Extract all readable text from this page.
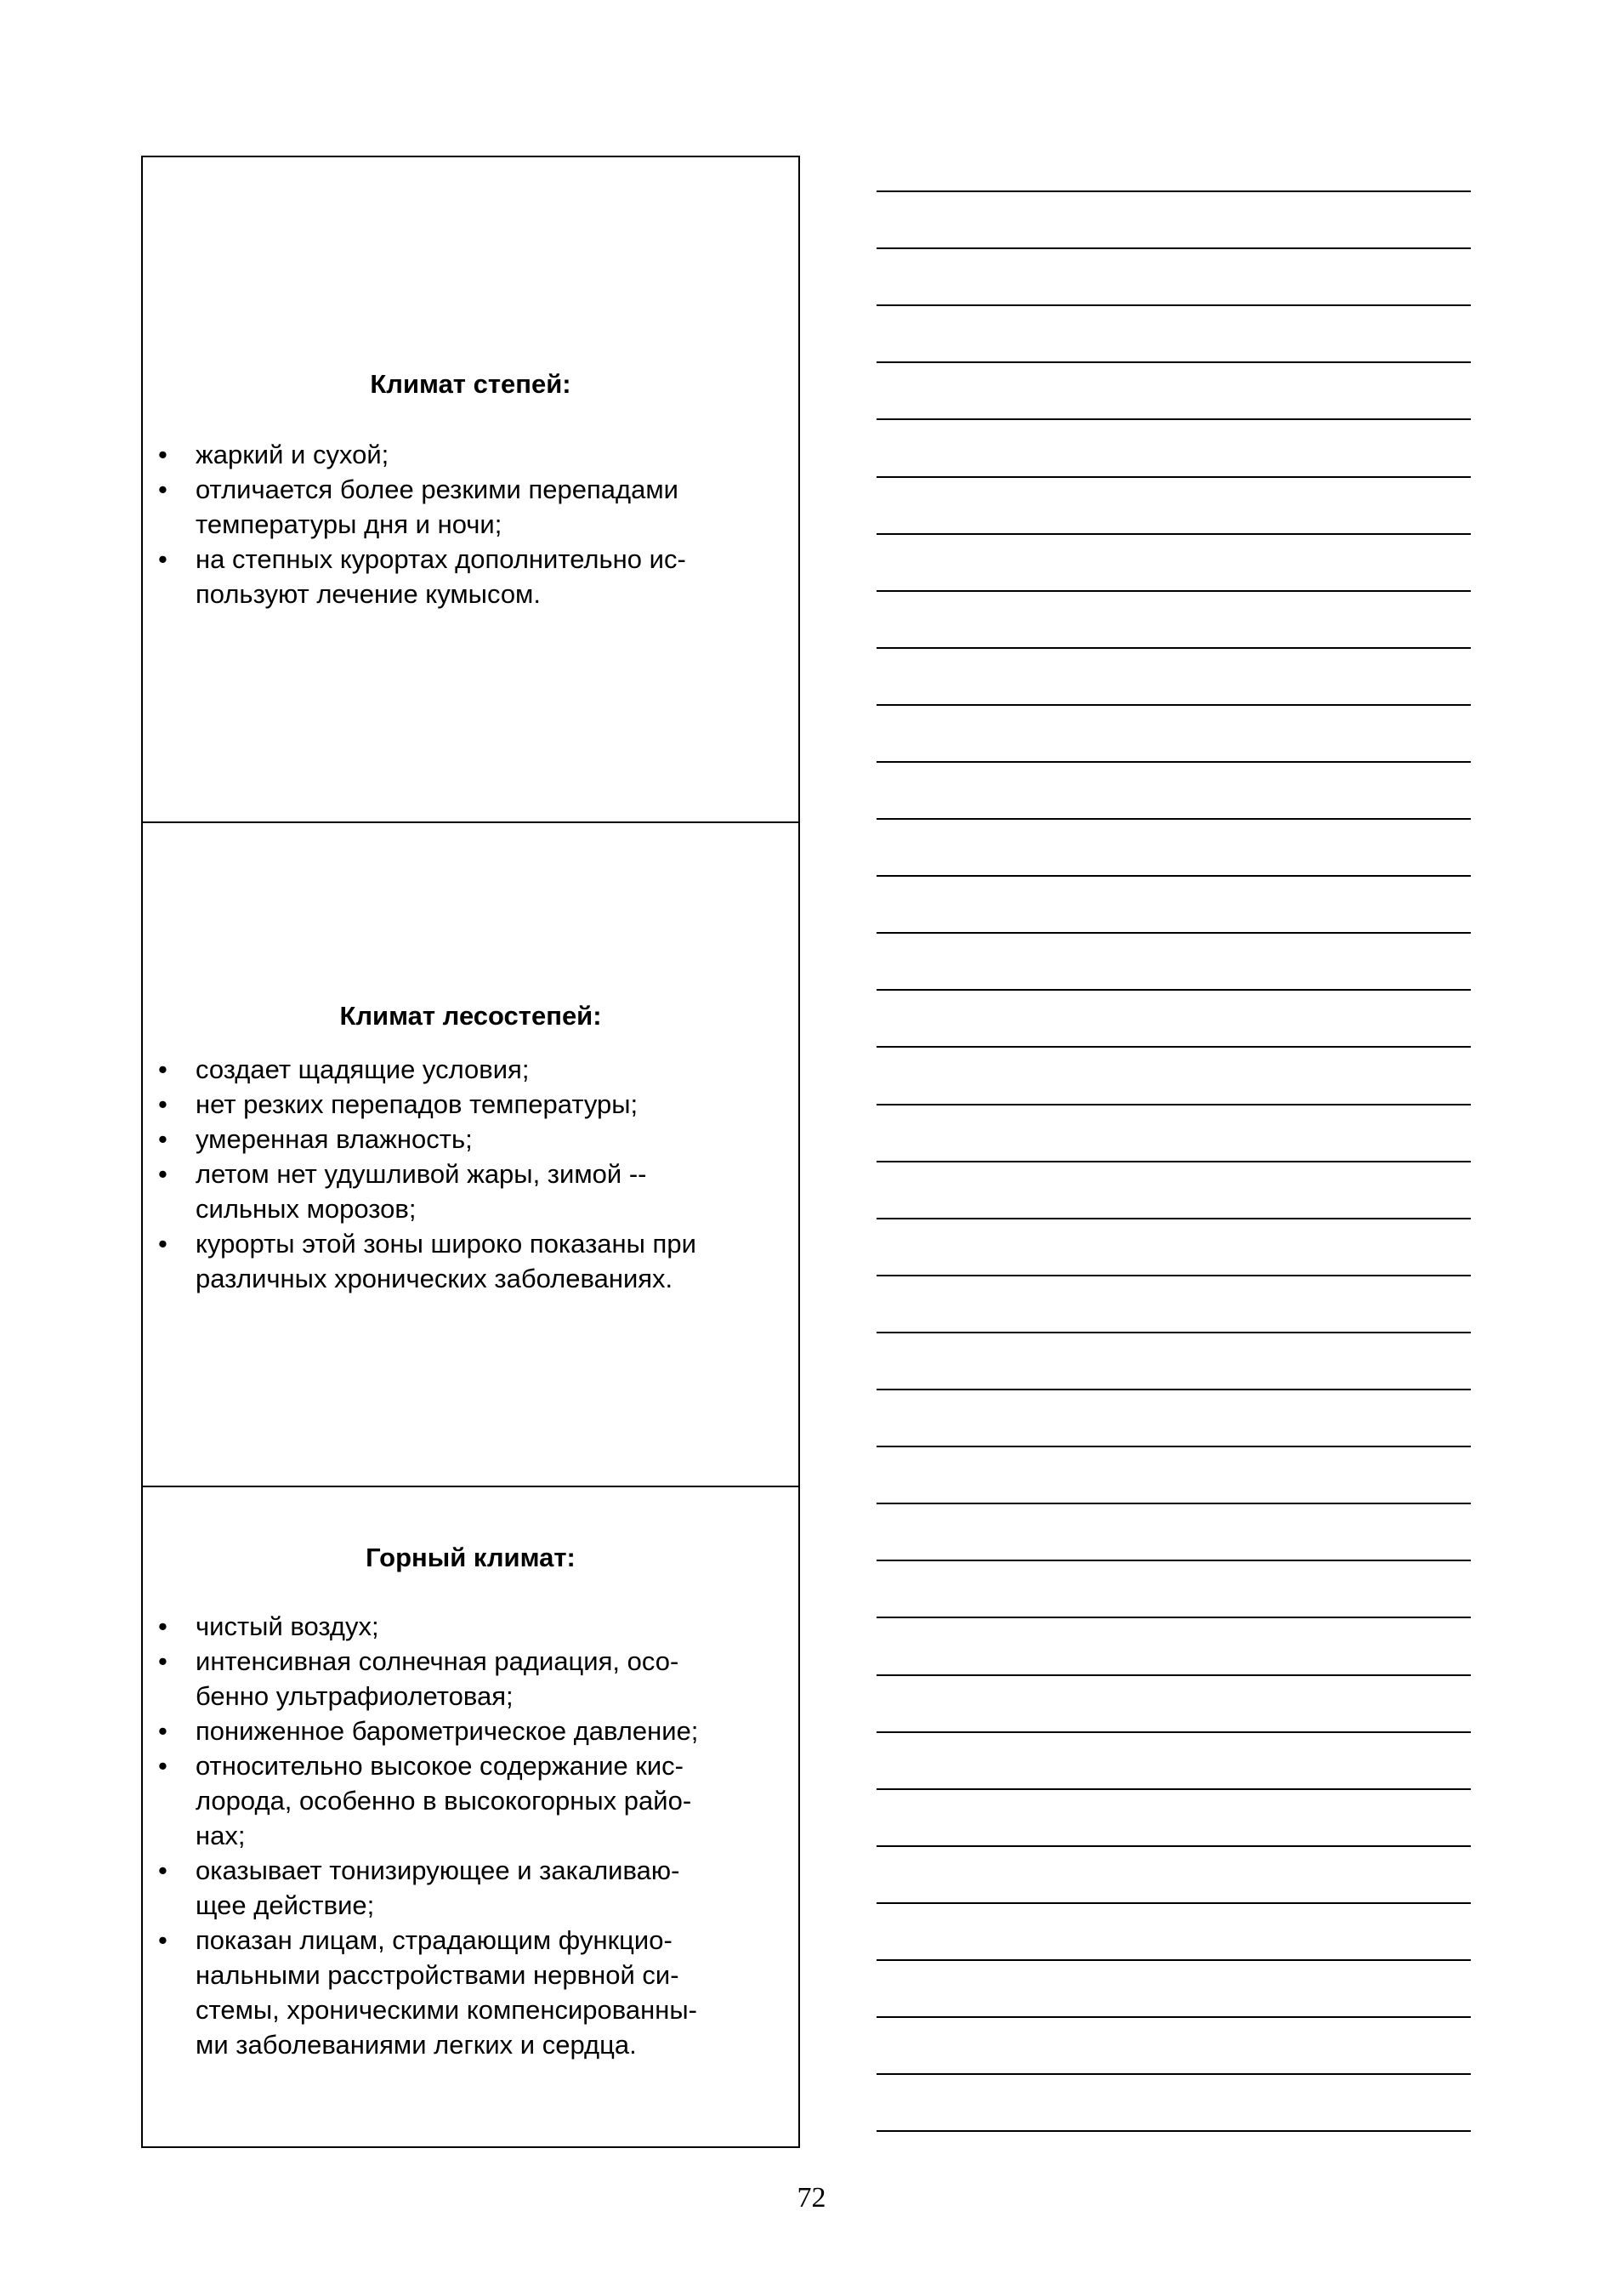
Климат степей:
• жаркий и сухой;
• отличается более резкими перепадами
температуры дня и ночи;
• на степных курортах дополнительно ис-
пользуют лечение кумысом.
Климат лесостепей:
• создает щадящие условия;
• нет резких перепадов температуры;
• умеренная влажность;
• летом нет удушливой жары, зимой --
сильных морозов;
• курорты этой зоны широко показаны при
различных хронических заболеваниях.
Горный климат:
• чистый воздух;
• интенсивная солнечная радиация, осо-
бенно ультрафиолетовая;
• пониженное барометрическое давление;
• относительно высокое содержание кис-
лорода, особенно в высокогорных райо-
нах;
• оказывает тонизирующее и закаливаю-
щее действие;
• показан лицам, страдающим функцио-
нальными расстройствами нервной си-
стемы, хроническими компенсированны-
ми заболеваниями легких и сердца.
72
